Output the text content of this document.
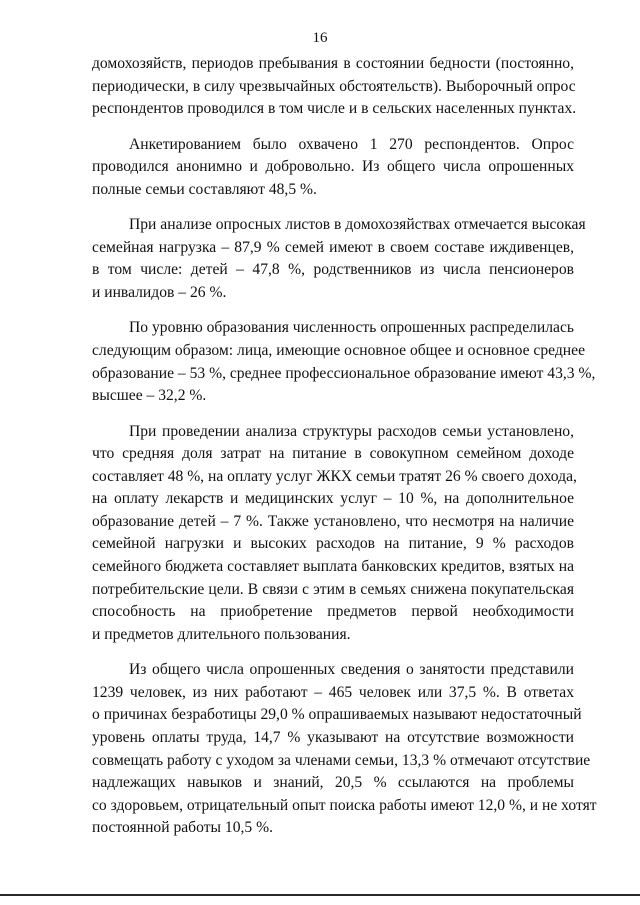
16
домохозяйств, периодов пребывания в состоянии бедности (постоянно,
периодически, в силу чрезвычайных обстоятельств). Выборочный опрос
респондентов проводился в том числе и в сельских населенных пунктах.
Анкетированием было охвачено 1 270 респондентов. Опрос
проводился анонимно и добровольно. Из общего числа опрошенных
полные семьи составляют 48,5 %.
При анализе опросных листов в домохозяйствах отмечается высокая
семейная нагрузка – 87,9 % семей имеют в своем составе иждивенцев,
в том числе: детей – 47,8 %, родственников из числа пенсионеров
и инвалидов – 26 %.
По уровню образования численность опрошенных распределилась
следующим образом: лица, имеющие основное общее и основное среднее
образование – 53 %, среднее профессиональное образование имеют 43,3 %,
высшее – 32,2 %.
При проведении анализа структуры расходов семьи установлено,
что средняя доля затрат на питание в совокупном семейном доходе
составляет 48 %, на оплату услуг ЖКХ семьи тратят 26 % своего дохода,
на оплату лекарств и медицинских услуг – 10 %, на дополнительное
образование детей – 7 %. Также установлено, что несмотря на наличие
семейной нагрузки и высоких расходов на питание, 9 % расходов
семейного бюджета составляет выплата банковских кредитов, взятых на
потребительские цели. В связи с этим в семьях снижена покупательская
способность на приобретение предметов первой необходимости
и предметов длительного пользования.
Из общего числа опрошенных сведения о занятости представили
1239 человек, из них работают – 465 человек или 37,5 %. В ответах
о причинах безработицы 29,0 % опрашиваемых называют недостаточный
уровень оплаты труда, 14,7 % указывают на отсутствие возможности
совмещать работу с уходом за членами семьи, 13,3 % отмечают отсутствие
надлежащих навыков и знаний, 20,5 % ссылаются на проблемы
со здоровьем, отрицательный опыт поиска работы имеют 12,0 %, и не хотят
постоянной работы 10,5 %.
